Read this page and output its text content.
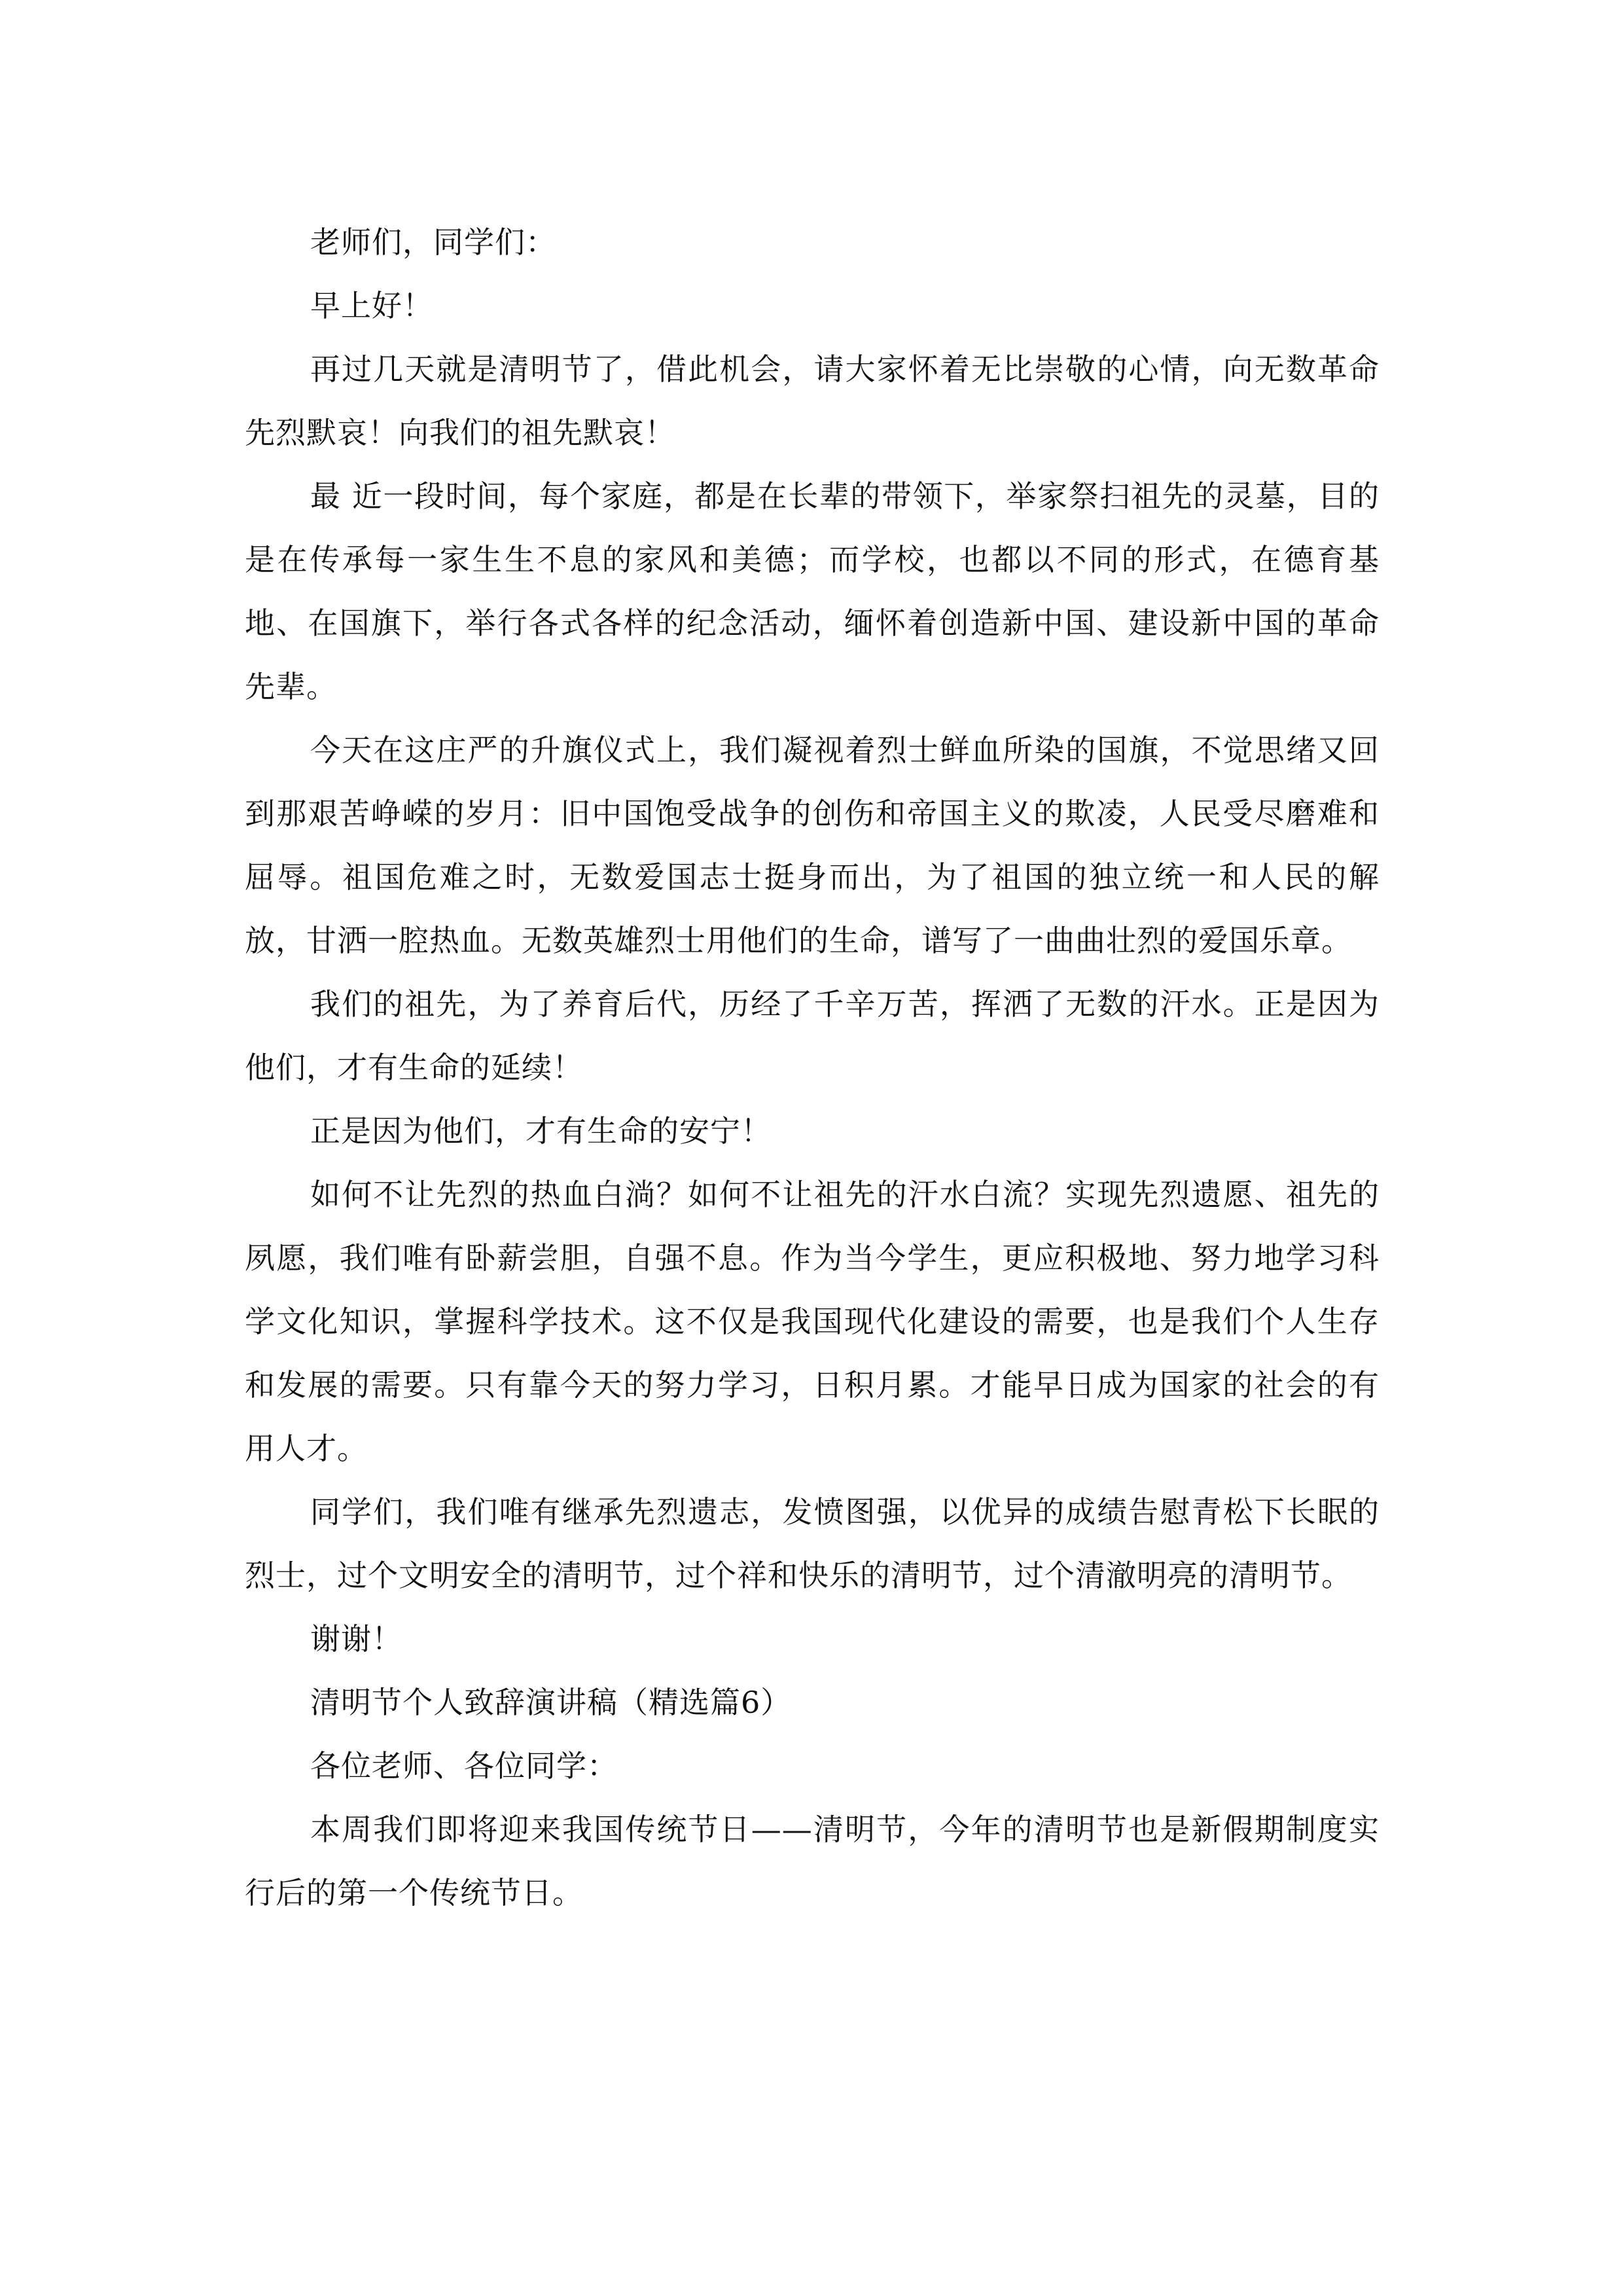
老师们，同学们：

早上好！

再过几天就是清明节了，借此机会，请大家怀着无比崇敬的心情，向无数革命先烈默哀！向我们的祖先默哀！

最 近一段时间，每个家庭，都是在长辈的带领下，举家祭扫祖先的灵墓，目的是在传承每一家生生不息的家风和美德；而学校，也都以不同的形式，在德育基地、在国旗下，举行各式各样的纪念活动，缅怀着创造新中国、建设新中国的革命先辈。

今天在这庄严的升旗仪式上，我们凝视着烈士鲜血所染的国旗，不觉思绪又回到那艰苦峥嵘的岁月：旧中国饱受战争的创伤和帝国主义的欺凌，人民受尽磨难和屈辱。祖国危难之时，无数爱国志士挺身而出，为了祖国的独立统一和人民的解放，甘洒一腔热血。无数英雄烈士用他们的生命，谱写了一曲曲壮烈的爱国乐章。

我们的祖先，为了养育后代，历经了千辛万苦，挥洒了无数的汗水。正是因为他们，才有生命的延续！

正是因为他们，才有生命的安宁！

如何不让先烈的热血白淌？如何不让祖先的汗水白流？实现先烈遗愿、祖先的夙愿，我们唯有卧薪尝胆，自强不息。作为当今学生，更应积极地、努力地学习科学文化知识，掌握科学技术。这不仅是我国现代化建设的需要，也是我们个人生存和发展的需要。只有靠今天的努力学习，日积月累。才能早日成为国家的社会的有用人才。

同学们，我们唯有继承先烈遗志，发愤图强，以优异的成绩告慰青松下长眠的烈士，过个文明安全的清明节，过个祥和快乐的清明节，过个清澈明亮的清明节。

谢谢！

清明节个人致辞演讲稿（精选篇6）

各位老师、各位同学：

本周我们即将迎来我国传统节日——清明节，今年的清明节也是新假期制度实行后的第一个传统节日。
